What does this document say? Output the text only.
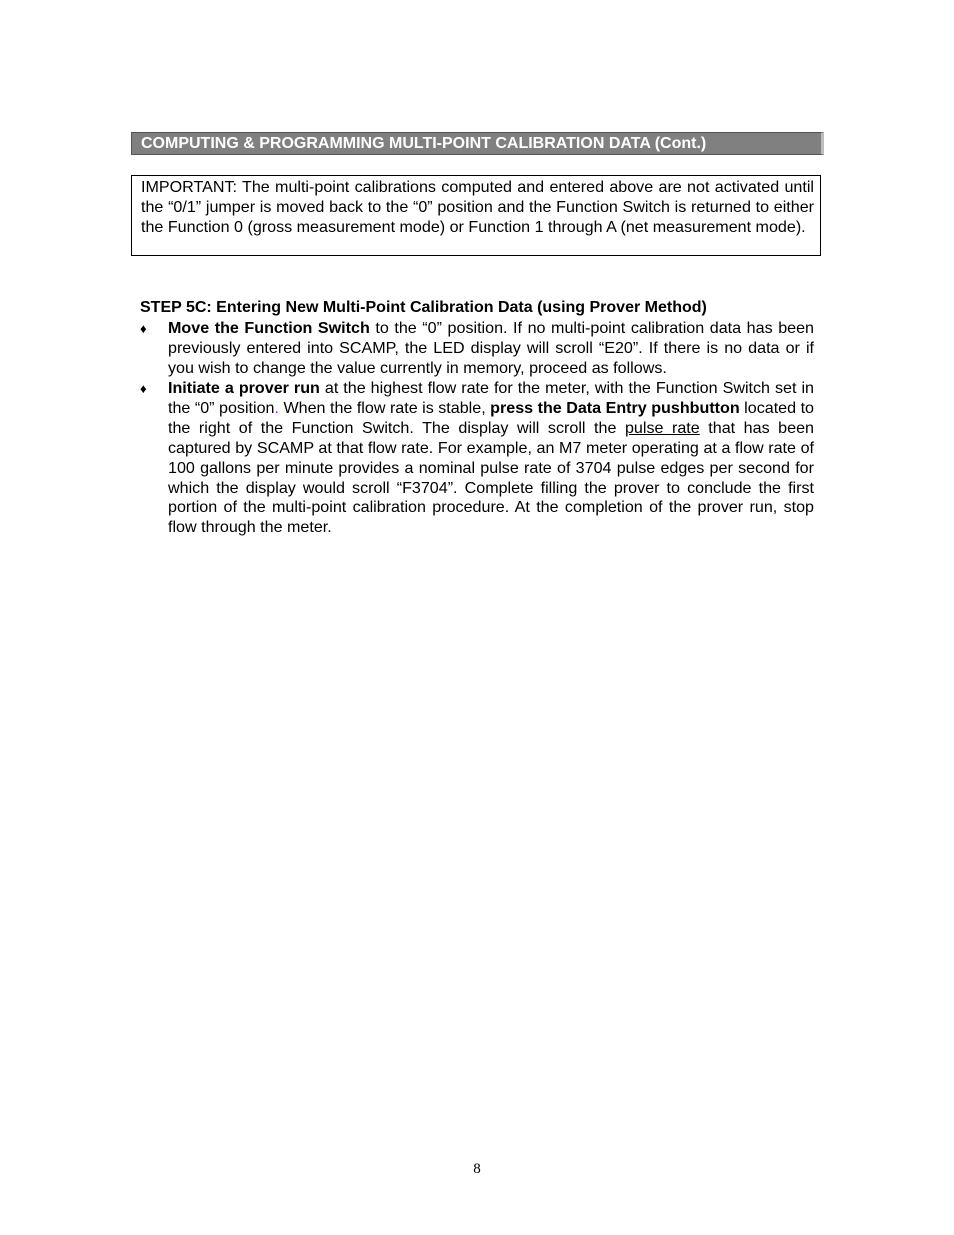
COMPUTING & PROGRAMMING MULTI-POINT CALIBRATION DATA (Cont.)

IMPORTANT: The multi-point calibrations computed and entered above are not activated until the “0/1” jumper is moved back to the “0” position and the Function Switch is returned to either the Function 0 (gross measurement mode) or Function 1 through A (net measurement mode).

STEP 5C: Entering New Multi-Point Calibration Data (using Prover Method)

♦	Move the Function Switch to the “0” position. If no multi-point calibration data has been previously entered into SCAMP, the LED display will scroll “E20”. If there is no data or if you wish to change the value currently in memory, proceed as follows.

♦	Initiate a prover run at the highest flow rate for the meter, with the Function Switch set in the “0” position. When the flow rate is stable, press the Data Entry pushbutton located to the right of the Function Switch. The display will scroll the pulse rate that has been captured by SCAMP at that flow rate. For example, an M7 meter operating at a flow rate of 100 gallons per minute provides a nominal pulse rate of 3704 pulse edges per second for which the display would scroll “F3704”. Complete filling the prover to conclude the first portion of the multi-point calibration procedure. At the completion of the prover run, stop flow through the meter.

8
